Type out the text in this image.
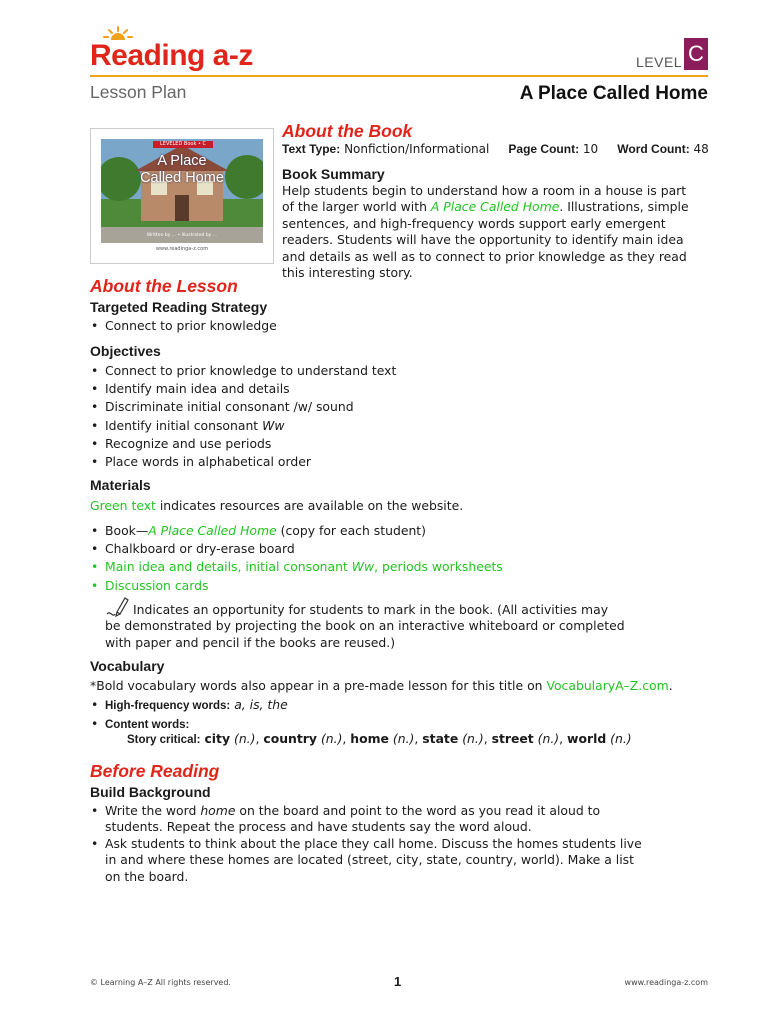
Reading a-z	LEVEL C
Lesson Plan	A Place Called Home
LEVELED Book • C
A Place
Called Home
Written by ... • Illustrated by ...
www.readinga-z.com
About the Book
Text Type: Nonfiction/Informational Page Count: 10 Word Count: 48
Book Summary
Help students begin to understand how a room in a house is part of the larger world with A Place Called Home. Illustrations, simple sentences, and high-frequency words support early emergent readers. Students will have the opportunity to identify main idea and details as well as to connect to prior knowledge as they read this interesting story.
About the Lesson
Targeted Reading Strategy
• Connect to prior knowledge
Objectives
• Connect to prior knowledge to understand text
• Identify main idea and details
• Discriminate initial consonant /w/ sound
• Identify initial consonant Ww
• Recognize and use periods
• Place words in alphabetical order
Materials
Green text indicates resources are available on the website.
• Book—A Place Called Home (copy for each student)
• Chalkboard or dry-erase board
• Main idea and details, initial consonant Ww, periods worksheets
• Discussion cards
Indicates an opportunity for students to mark in the book. (All activities may be demonstrated by projecting the book on an interactive whiteboard or completed with paper and pencil if the books are reused.)
Vocabulary
*Bold vocabulary words also appear in a pre-made lesson for this title on VocabularyA–Z.com.
• High-frequency words: a, is, the
• Content words:
Story critical: city (n.), country (n.), home (n.), state (n.), street (n.), world (n.)
Before Reading
Build Background
• Write the word home on the board and point to the word as you read it aloud to students. Repeat the process and have students say the word aloud.
• Ask students to think about the place they call home. Discuss the homes students live in and where these homes are located (street, city, state, country, world). Make a list on the board.
© Learning A–Z All rights reserved.	1	www.readinga-z.com
